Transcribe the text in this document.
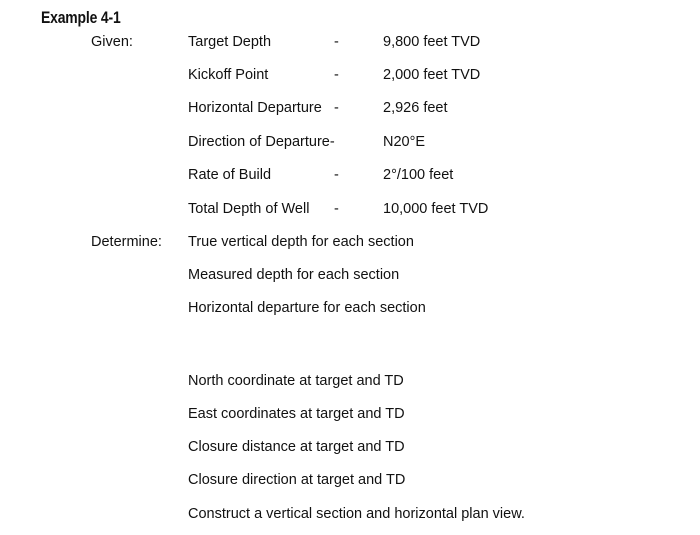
Example 4-1
Given:	Target Depth	-	9,800 feet TVD
Kickoff Point	-	2,000 feet TVD
Horizontal Departure -	2,926 feet
Direction of Departure-	N20°E
Rate of Build	-	2°/100 feet
Total Depth of Well -	10,000 feet TVD
Determine: True vertical depth for each section
Measured depth for each section
Horizontal departure for each section
North coordinate at target and TD
East coordinates at target and TD
Closure distance at target and TD
Closure direction at target and TD
Construct a vertical section and horizontal plan view.
